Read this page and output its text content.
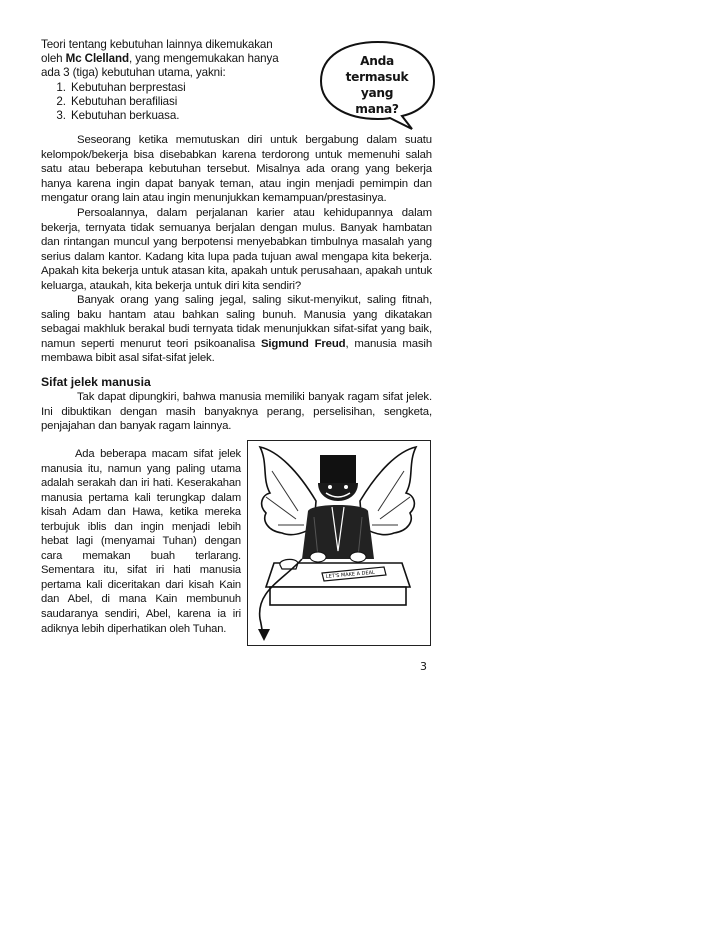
Teori tentang kebutuhan lainnya dikemukakan
oleh Mc Clelland, yang mengemukakan hanya
ada 3 (tiga) kebutuhan utama, yakni:
1. Kebutuhan berprestasi
2. Kebutuhan berafiliasi
3. Kebutuhan berkuasa.
Anda
termasuk yang
mana?

Seseorang ketika memutuskan diri untuk bergabung dalam suatu kelompok/bekerja bisa disebabkan karena terdorong untuk memenuhi salah satu atau beberapa kebutuhan tersebut. Misalnya ada orang yang bekerja hanya karena ingin dapat banyak teman, atau ingin menjadi pemimpin dan mengatur orang lain atau ingin menunjukkan kemampuan/prestasinya.

Persoalannya, dalam perjalanan karier atau kehidupannya dalam bekerja, ternyata tidak semuanya berjalan dengan mulus. Banyak hambatan dan rintangan muncul yang berpotensi menyebabkan timbulnya masalah yang serius dalam kantor. Kadang kita lupa pada tujuan awal mengapa kita bekerja. Apakah kita bekerja untuk atasan kita, apakah untuk perusahaan, apakah untuk keluarga, ataukah, kita bekerja untuk diri kita sendiri?

Banyak orang yang saling jegal, saling sikut-menyikut, saling fitnah, saling baku hantam atau bahkan saling bunuh. Manusia yang dikatakan sebagai makhluk berakal budi ternyata tidak menunjukkan sifat-sifat yang baik, namun seperti menurut teori psikoanalisa Sigmund Freud, manusia masih membawa bibit asal sifat-sifat jelek.

Sifat jelek manusia

Tak dapat dipungkiri, bahwa manusia memiliki banyak ragam sifat jelek. Ini dibuktikan dengan masih banyaknya perang, perselisihan, sengketa, penjajahan dan banyak ragam lainnya.

Ada beberapa macam sifat jelek manusia itu, namun yang paling utama adalah serakah dan iri hati. Keserakahan manusia pertama kali terungkap dalam kisah Adam dan Hawa, ketika mereka terbujuk iblis dan ingin menjadi lebih hebat lagi (menyamai Tuhan) dengan cara memakan buah terlarang. Sementara itu, sifat iri hati manusia pertama kali diceritakan dari kisah Kain dan Abel, di mana Kain membunuh saudaranya sendiri, Abel, karena ia iri adiknya lebih diperhatikan oleh Tuhan.

LET'S MAKE A DEAL
3
